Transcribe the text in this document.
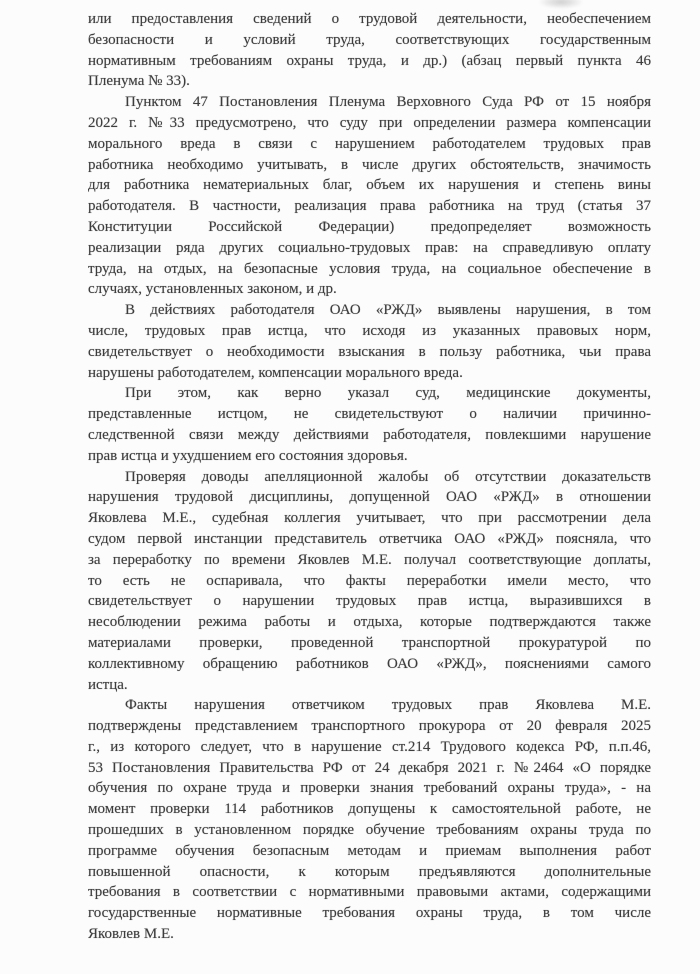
или предоставления сведений о трудовой деятельности, необеспечением
безопасности и условий труда, соответствующих государственным
нормативным требованиям охраны труда, и др.) (абзац первый пункта 46
Пленума № 33).
Пунктом 47 Постановления Пленума Верховного Суда РФ от 15 ноября
2022 г. №33 предусмотрено, что суду при определении размера компенсации
морального вреда в связи с нарушением работодателем трудовых прав
работника необходимо учитывать, в числе других обстоятельств, значимость
для работника нематериальных благ, объем их нарушения и степень вины
работодателя. В частности, реализация права работника на труд (статья 37
Конституции Российской Федерации) предопределяет возможность
реализации ряда других социально-трудовых прав: на справедливую оплату
труда, на отдых, на безопасные условия труда, на социальное обеспечение в
случаях, установленных законом, и др.
В действиях работодателя ОАО «РЖД» выявлены нарушения, в том
числе, трудовых прав истца, что исходя из указанных правовых норм,
свидетельствует о необходимости взыскания в пользу работника, чьи права
нарушены работодателем, компенсации морального вреда.
При этом, как верно указал суд, медицинские документы,
представленные истцом, не свидетельствуют о наличии причинно-
следственной связи между действиями работодателя, повлекшими нарушение
прав истца и ухудшением его состояния здоровья.
Проверяя доводы апелляционной жалобы об отсутствии доказательств
нарушения трудовой дисциплины, допущенной ОАО «РЖД» в отношении
Яковлева М.Е., судебная коллегия учитывает, что при рассмотрении дела
судом первой инстанции представитель ответчика ОАО «РЖД» поясняла, что
за переработку по времени Яковлев М.Е. получал соответствующие доплаты,
то есть не оспаривала, что факты переработки имели место, что
свидетельствует о нарушении трудовых прав истца, выразившихся в
несоблюдении режима работы и отдыха, которые подтверждаются также
материалами проверки, проведенной транспортной прокуратурой по
коллективному обращению работников ОАО «РЖД», пояснениями самого
истца.
Факты нарушения ответчиком трудовых прав Яковлева М.Е.
подтверждены представлением транспортного прокурора от 20 февраля 2025
г., из которого следует, что в нарушение ст.214 Трудового кодекса РФ, п.п.46,
53 Постановления Правительства РФ от 24 декабря 2021 г. №2464 «О порядке
обучения по охране труда и проверки знания требований охраны труда», - на
момент проверки 114 работников допущены к самостоятельной работе, не
прошедших в установленном порядке обучение требованиям охраны труда по
программе обучения безопасным методам и приемам выполнения работ
повышенной опасности, к которым предъявляются дополнительные
требования в соответствии с нормативными правовыми актами, содержащими
государственные нормативные требования охраны труда, в том числе
Яковлев М.Е.
